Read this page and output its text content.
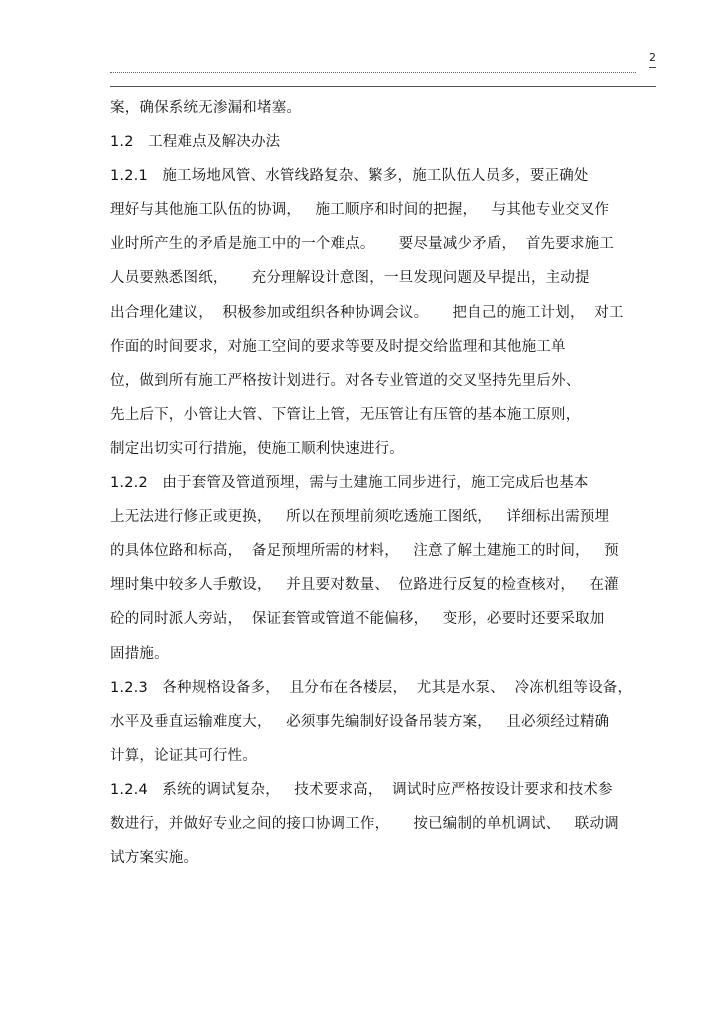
2
案，确保系统无渗漏和堵塞。
1.2   工程难点及解决办法
1.2.1   施工场地风管、水管线路复杂、繁多，施工队伍人员多，要正确处
理好与其他施工队伍的协调，   施工顺序和时间的把握，   与其他专业交叉作
业时所产生的矛盾是施工中的一个难点。     要尽量减少矛盾，  首先要求施工
人员要熟悉图纸，     充分理解设计意图，一旦发现问题及早提出，主动提
出合理化建议，  积极参加或组织各种协调会议。     把自己的施工计划，  对工
作面的时间要求，对施工空间的要求等要及时提交给监理和其他施工单
位，做到所有施工严格按计划进行。对各专业管道的交叉坚持先里后外、
先上后下，小管让大管、下管让上管，无压管让有压管的基本施工原则，
制定出切实可行措施，使施工顺利快速进行。
1.2.2   由于套管及管道预埋，需与土建施工同步进行，施工完成后也基本
上无法进行修正或更换，   所以在预埋前须吃透施工图纸，   详细标出需预埋
的具体位路和标高，  备足预埋所需的材料，   注意了解土建施工的时间，   预
埋时集中较多人手敷设，   并且要对数量、  位路进行反复的检查核对，   在灌
砼的同时派人旁站，  保证套管或管道不能偏移，   变形，必要时还要采取加
固措施。
1.2.3   各种规格设备多，  且分布在各楼层，  尤其是水泵、  冷冻机组等设备，
水平及垂直运输难度大，   必须事先编制好设备吊装方案，   且必须经过精确
计算，论证其可行性。
1.2.4   系统的调试复杂，   技术要求高，  调试时应严格按设计要求和技术参
数进行，并做好专业之间的接口协调工作，     按已编制的单机调试、   联动调
试方案实施。
